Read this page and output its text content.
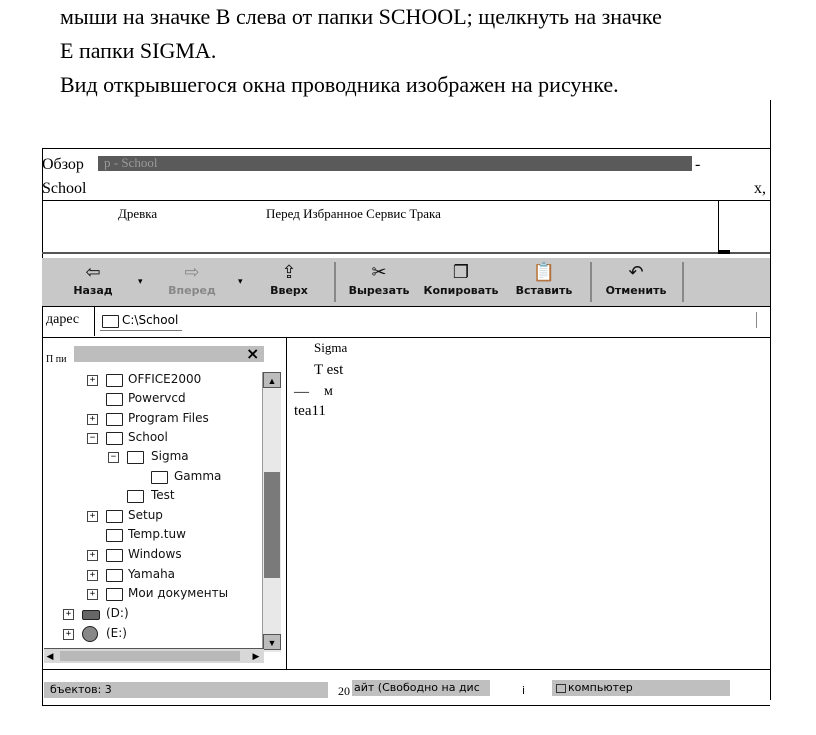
мыши на значке В слева от папки SCHOOL; щелкнуть на значке
Е папки SIGMA.
Вид открывшегося окна проводника изображен на рисунке.
p - School
Обзор	-
School	x,
Древка	Перед Избранное Сервис Трака
⇦
Назад
▾	⇨
Вперед
▾	⇪
Вверх
✂
Вырезать
❐
Копировать
📋
Вставить
↶
Отменить
дарес	C:\School
П пи	×
+	OFFICE2000
Powervcd
+	Program Files
−	School
−	Sigma
Gamma
Test
+	Setup
Temp.tuw
+	Windows
+	Yamaha
+	Мои документы
+	(D:)
+	(E:)
▲
▼
◀	▶
Sigma
T est
— м
tea11
бъектов: 3	20 айт (Свободно на дис	i	компьютер
